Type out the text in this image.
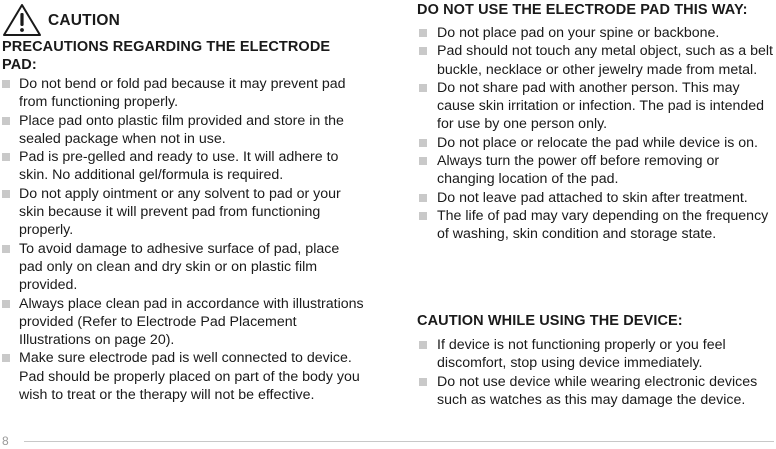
CAUTION
PRECAUTIONS REGARDING THE ELECTRODE PAD:
Do not bend or fold pad because it may prevent pad from functioning properly.
Place pad onto plastic film provided and store in the sealed package when not in use.
Pad is pre-gelled and ready to use. It will adhere to skin. No additional gel/formula is required.
Do not apply ointment or any solvent to pad or your skin because it will prevent pad from functioning properly.
To avoid damage to adhesive surface of pad, place pad only on clean and dry skin or on plastic film provided.
Always place clean pad in accordance with illustrations provided (Refer to Electrode Pad Placement Illustrations on page 20).
Make sure electrode pad is well connected to device. Pad should be properly placed on part of the body you wish to treat or the therapy will not be effective.
DO NOT USE THE ELECTRODE PAD THIS WAY:
Do not place pad on your spine or backbone.
Pad should not touch any metal object, such as a belt buckle, necklace or other jewelry made from metal.
Do not share pad with another person. This may cause skin irritation or infection. The pad is intended for use by one person only.
Do not place or relocate the pad while device is on.
Always turn the power off before removing or changing location of the pad.
Do not leave pad attached to skin after treatment.
The life of pad may vary depending on the frequency of washing, skin condition and storage state.
CAUTION WHILE USING THE DEVICE:
If device is not functioning properly or you feel discomfort, stop using device immediately.
Do not use device while wearing electronic devices such as watches as this may damage the device.
8
